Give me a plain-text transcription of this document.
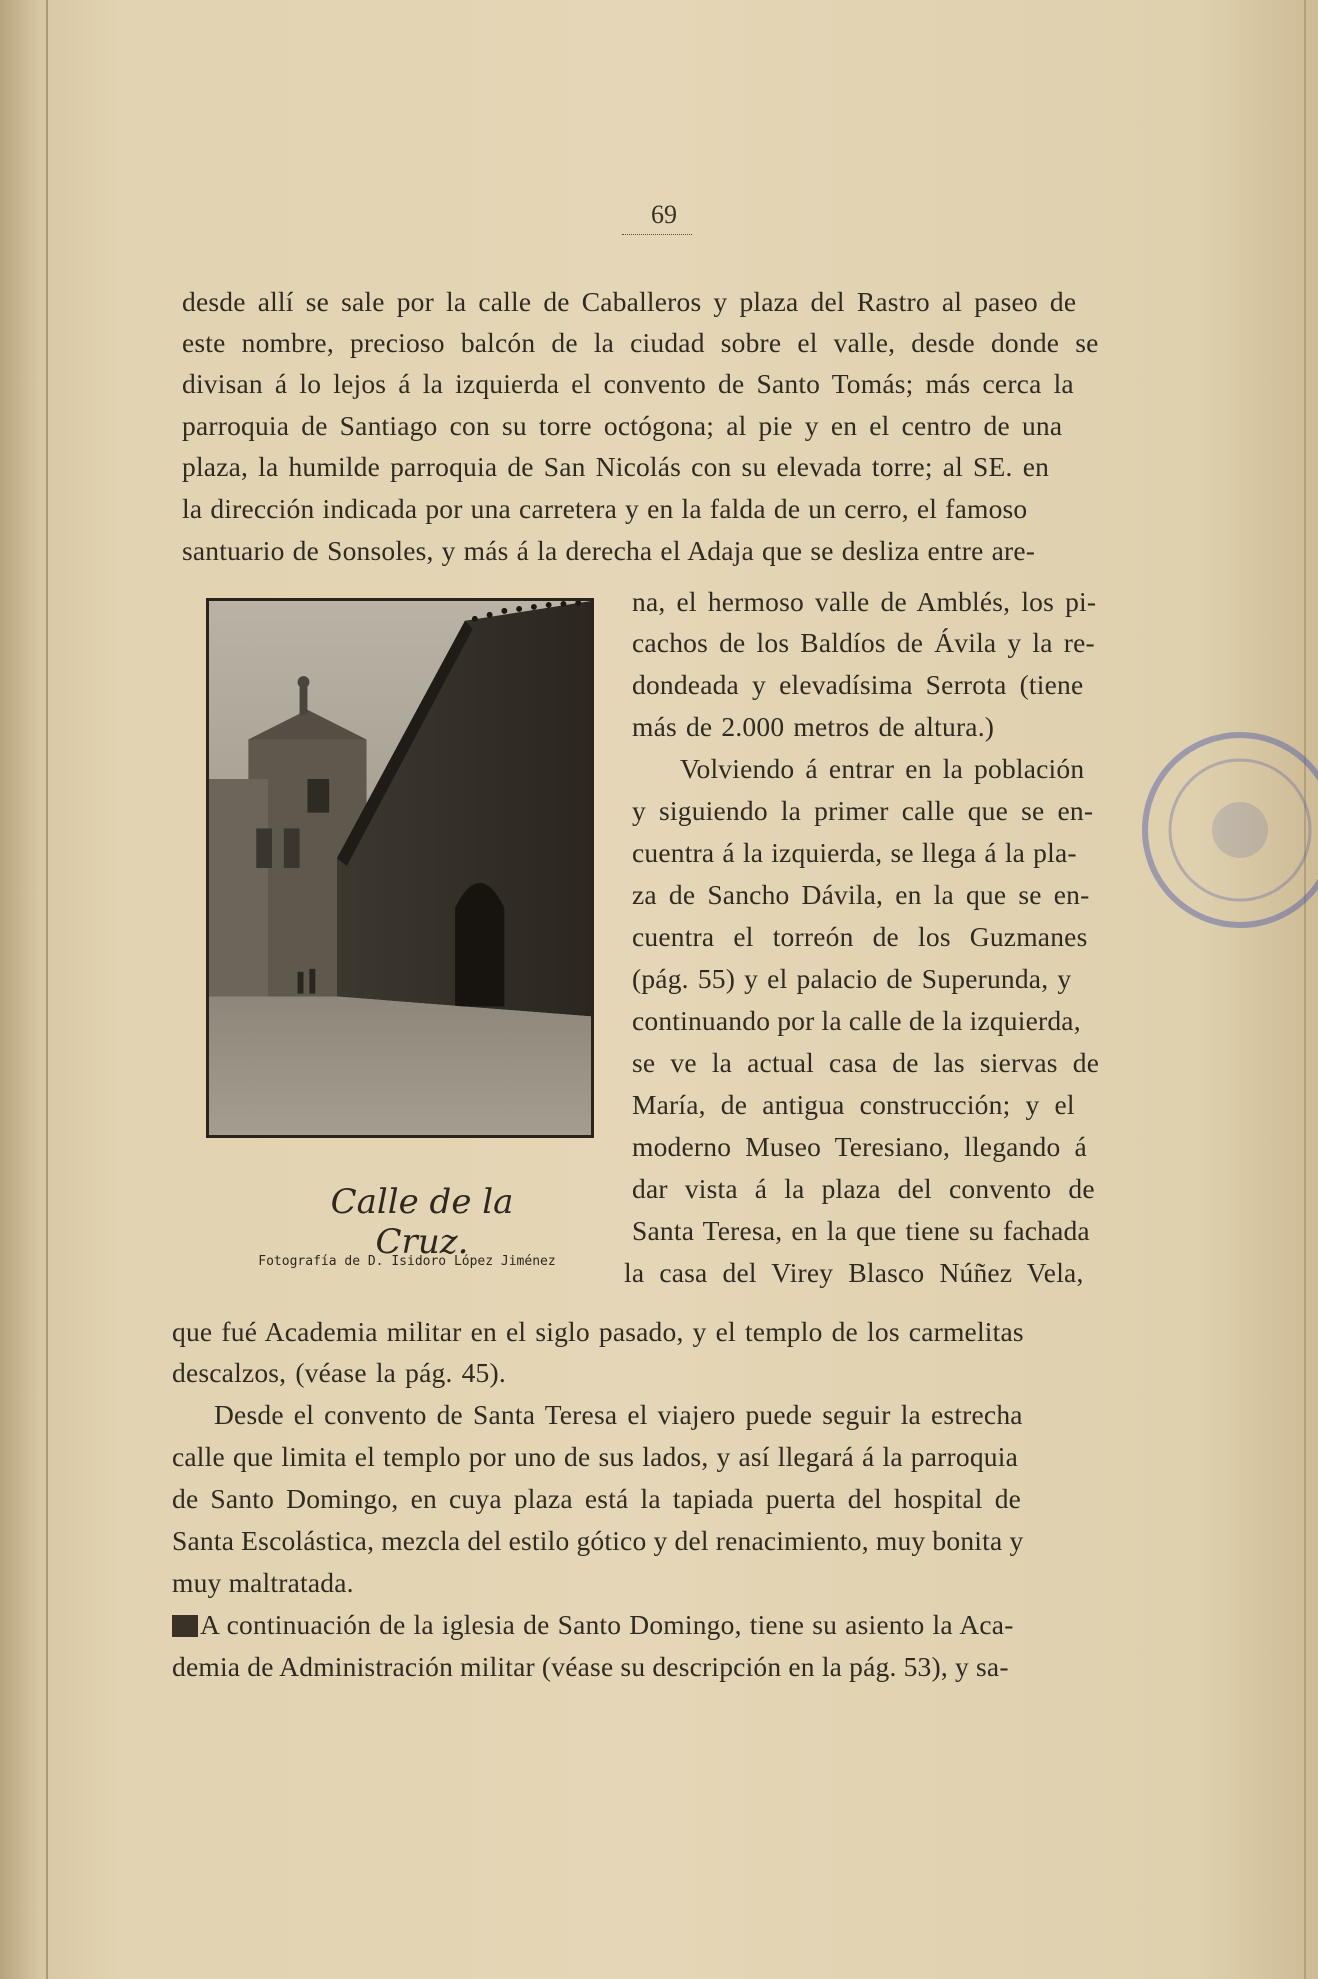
69
desde allí se sale por la calle de Caballeros y plaza del Rastro al paseo de
este nombre, precioso balcón de la ciudad sobre el valle, desde donde se
divisan á lo lejos á la izquierda el convento de Santo Tomás; más cerca la
parroquia de Santiago con su torre octógona; al pie y en el centro de una
plaza, la humilde parroquia de San Nicolás con su elevada torre; al SE. en
la dirección indicada por una carretera y en la falda de un cerro, el famoso
santuario de Sonsoles, y más á la derecha el Adaja que se desliza entre are-
Calle de la Cruz.
Fotografía de D. Isidoro López Jiménez
na, el hermoso valle de Amblés, los pi-
cachos de los Baldíos de Ávila y la re-
dondeada y elevadísima Serrota (tiene
más de 2.000 metros de altura.)
Volviendo á entrar en la población
y siguiendo la primer calle que se en-
cuentra á la izquierda, se llega á la pla-
za de Sancho Dávila, en la que se en-
cuentra el torreón de los Guzmanes
(pág. 55) y el palacio de Superunda, y
continuando por la calle de la izquierda,
se ve la actual casa de las siervas de
María, de antigua construcción; y el
moderno Museo Teresiano, llegando á
dar vista á la plaza del convento de
Santa Teresa, en la que tiene su fachada
la casa del Virey Blasco Núñez Vela,
que fué Academia militar en el siglo pasado, y el templo de los carmelitas
descalzos, (véase la pág. 45).
Desde el convento de Santa Teresa el viajero puede seguir la estrecha
calle que limita el templo por uno de sus lados, y así llegará á la parroquia
de Santo Domingo, en cuya plaza está la tapiada puerta del hospital de
Santa Escolástica, mezcla del estilo gótico y del renacimiento, muy bonita y
muy maltratada.
A continuación de la iglesia de Santo Domingo, tiene su asiento la Aca-
demia de Administración militar (véase su descripción en la pág. 53), y sa-
